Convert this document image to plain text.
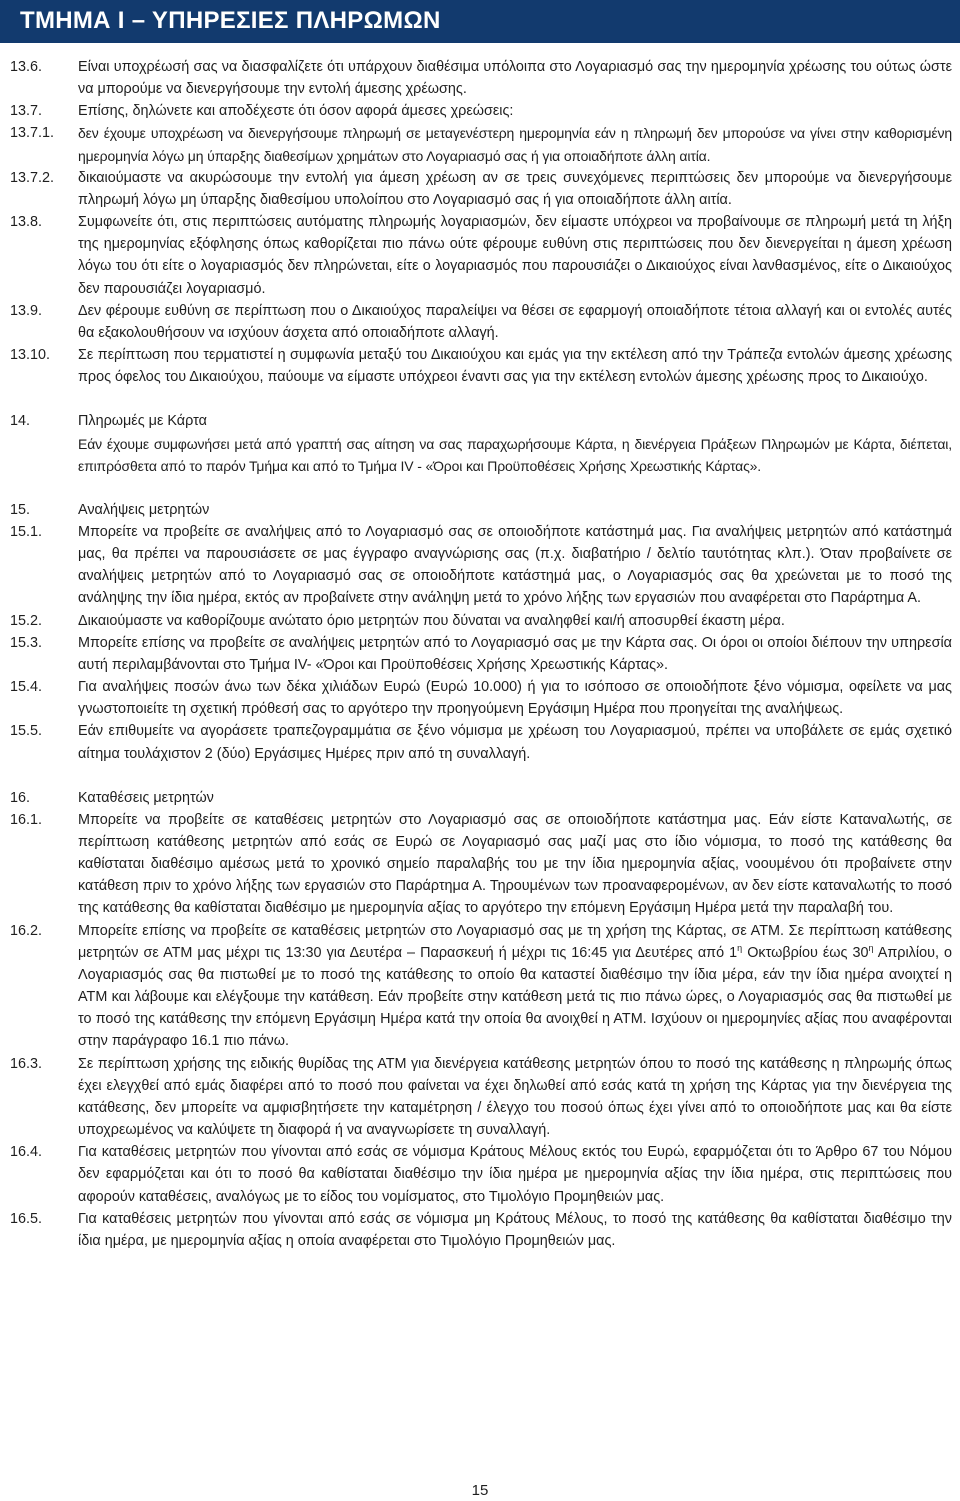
ΤΜΗΜΑ Ι – ΥΠΗΡΕΣΙΕΣ ΠΛΗΡΩΜΩΝ
13.6.	Είναι υποχρέωσή σας να διασφαλίζετε ότι υπάρχουν διαθέσιμα υπόλοιπα στο Λογαριασμό σας την ημερομηνία χρέωσης του ούτως ώστε να μπορούμε να διενεργήσουμε την εντολή άμεσης χρέωσης.
13.7.	Επίσης, δηλώνετε και αποδέχεστε ότι όσον αφορά άμεσες χρεώσεις:
13.7.1.	δεν έχουμε υποχρέωση να διενεργήσουμε πληρωμή σε μεταγενέστερη ημερομηνία εάν η πληρωμή δεν μπορούσε να γίνει στην καθορισμένη ημερομηνία λόγω μη ύπαρξης διαθεσίμων χρημάτων στο Λογαριασμό σας ή για οποιαδήποτε άλλη αιτία.
13.7.2.	δικαιούμαστε να ακυρώσουμε την εντολή για άμεση χρέωση αν σε τρεις συνεχόμενες περιπτώσεις δεν μπορούμε να διενεργήσουμε πληρωμή λόγω μη ύπαρξης διαθεσίμου υπολοίπου στο Λογαριασμό σας ή για οποιαδήποτε άλλη αιτία.
13.8.	Συμφωνείτε ότι, στις περιπτώσεις αυτόματης πληρωμής λογαριασμών, δεν είμαστε υπόχρεοι να προβαίνουμε σε πληρωμή μετά τη λήξη της ημερομηνίας εξόφλησης όπως καθορίζεται πιο πάνω ούτε φέρουμε ευθύνη στις περιπτώσεις που δεν διενεργείται η άμεση χρέωση λόγω του ότι είτε ο λογαριασμός δεν πληρώνεται, είτε ο λογαριασμός που παρουσιάζει ο Δικαιούχος είναι λανθασμένος, είτε ο Δικαιούχος δεν παρουσιάζει λογαριασμό.
13.9.	Δεν φέρουμε ευθύνη σε περίπτωση που ο Δικαιούχος παραλείψει να θέσει σε εφαρμογή οποιαδήποτε τέτοια αλλαγή και οι εντολές αυτές θα εξακολουθήσουν να ισχύουν άσχετα από οποιαδήποτε αλλαγή.
13.10.	Σε περίπτωση που τερματιστεί η συμφωνία μεταξύ του Δικαιούχου και εμάς για την εκτέλεση από την Τράπεζα εντολών άμεσης χρέωσης προς όφελος του Δικαιούχου, παύουμε να είμαστε υπόχρεοι έναντι σας για την εκτέλεση εντολών άμεσης χρέωσης προς το Δικαιούχο.
14.	Πληρωμές με Κάρτα
Εάν έχουμε συμφωνήσει μετά από γραπτή σας αίτηση να σας παραχωρήσουμε Κάρτα, η διενέργεια Πράξεων Πληρωμών με Κάρτα, διέπεται, επιπρόσθετα από το παρόν Τμήμα και από το Τμήμα IV - «Όροι και Προϋποθέσεις Χρήσης Χρεωστικής Κάρτας».
15.	Αναλήψεις μετρητών
15.1.	Μπορείτε να προβείτε σε αναλήψεις από το Λογαριασμό σας σε οποιοδήποτε κατάστημά μας. Για αναλήψεις μετρητών από κατάστημά μας, θα πρέπει να παρουσιάσετε σε μας έγγραφο αναγνώρισης σας (π.χ. διαβατήριο / δελτίο ταυτότητας κλπ.). Όταν προβαίνετε σε αναλήψεις μετρητών από το Λογαριασμό σας σε οποιοδήποτε κατάστημά μας, ο Λογαριασμός σας θα χρεώνεται με το ποσό της ανάληψης την ίδια ημέρα, εκτός αν προβαίνετε στην ανάληψη μετά το χρόνο λήξης των εργασιών που αναφέρεται στο Παράρτημα Α.
15.2.	Δικαιούμαστε να καθορίζουμε ανώτατο όριο μετρητών που δύναται να αναληφθεί και/ή αποσυρθεί έκαστη μέρα.
15.3.	Μπορείτε επίσης να προβείτε σε αναλήψεις μετρητών από το Λογαριασμό σας με την Κάρτα σας. Οι όροι οι οποίοι διέπουν την υπηρεσία αυτή περιλαμβάνονται στο Τμήμα IV- «Όροι και Προϋποθέσεις Χρήσης Χρεωστικής Κάρτας».
15.4.	Για αναλήψεις ποσών άνω των δέκα χιλιάδων Ευρώ (Ευρώ 10.000) ή για το ισόποσο σε οποιοδήποτε ξένο νόμισμα, οφείλετε να μας γνωστοποιείτε τη σχετική πρόθεσή σας το αργότερο την προηγούμενη Εργάσιμη Ημέρα που προηγείται της αναλήψεως.
15.5.	Εάν επιθυμείτε να αγοράσετε τραπεζογραμμάτια σε ξένο νόμισμα με χρέωση του Λογαριασμού, πρέπει να υποβάλετε σε εμάς σχετικό αίτημα τουλάχιστον 2 (δύο) Εργάσιμες Ημέρες πριν από τη συναλλαγή.
16.	Καταθέσεις μετρητών
16.1.	Μπορείτε να προβείτε σε καταθέσεις μετρητών στο Λογαριασμό σας σε οποιοδήποτε κατάστημα μας. Εάν είστε Καταναλωτής, σε περίπτωση κατάθεσης μετρητών από εσάς σε Ευρώ σε Λογαριασμό σας μαζί μας στο ίδιο νόμισμα, το ποσό της κατάθεσης θα καθίσταται διαθέσιμο αμέσως μετά το χρονικό σημείο παραλαβής του με την ίδια ημερομηνία αξίας, νοουμένου ότι προβαίνετε στην κατάθεση πριν το χρόνο λήξης των εργασιών στο Παράρτημα Α. Τηρουμένων των προαναφερομένων, αν δεν είστε καταναλωτής το ποσό της κατάθεσης θα καθίσταται διαθέσιμο με ημερομηνία αξίας το αργότερο την επόμενη Εργάσιμη Ημέρα μετά την παραλαβή του.
16.2.	Μπορείτε επίσης να προβείτε σε καταθέσεις μετρητών στο Λογαριασμό σας με τη χρήση της Κάρτας, σε ΑΤΜ. Σε περίπτωση κατάθεσης μετρητών σε ΑΤΜ μας μέχρι τις 13:30 για Δευτέρα – Παρασκευή ή μέχρι τις 16:45 για Δευτέρες από $1^\eta$ Οκτωβρίου έως $30^\eta$ Απριλίου, ο Λογαριασμός σας θα πιστωθεί με το ποσό της κατάθεσης το οποίο θα καταστεί διαθέσιμο την ίδια μέρα, εάν την ίδια ημέρα ανοιχτεί η ΑΤΜ και λάβουμε και ελέγξουμε την κατάθεση. Εάν προβείτε στην κατάθεση μετά τις πιο πάνω ώρες, ο Λογαριασμός σας θα πιστωθεί με το ποσό της κατάθεσης την επόμενη Εργάσιμη Ημέρα κατά την οποία θα ανοιχθεί η ΑΤΜ. Ισχύουν οι ημερομηνίες αξίας που αναφέρονται στην παράγραφο 16.1 πιο πάνω.
16.3.	Σε περίπτωση χρήσης της ειδικής θυρίδας της ΑΤΜ για διενέργεια κατάθεσης μετρητών όπου το ποσό της κατάθεσης η πληρωμής όπως έχει ελεγχθεί από εμάς διαφέρει από το ποσό που φαίνεται να έχει δηλωθεί από εσάς κατά τη χρήση της Κάρτας για την διενέργεια της κατάθεσης, δεν μπορείτε να αμφισβητήσετε την καταμέτρηση / έλεγχο του ποσού όπως έχει γίνει από το οποιοδήποτε μας και θα είστε υποχρεωμένος να καλύψετε τη διαφορά ή να αναγνωρίσετε τη συναλλαγή.
16.4.	Για καταθέσεις μετρητών που γίνονται από εσάς σε νόμισμα Κράτους Μέλους εκτός του Ευρώ, εφαρμόζεται ότι το Άρθρο 67 του Νόμου δεν εφαρμόζεται και ότι το ποσό θα καθίσταται διαθέσιμο την ίδια ημέρα με ημερομηνία αξίας την ίδια ημέρα, στις περιπτώσεις που αφορούν καταθέσεις, αναλόγως με το είδος του νομίσματος, στο Τιμολόγιο Προμηθειών μας.
16.5.	Για καταθέσεις μετρητών που γίνονται από εσάς σε νόμισμα μη Κράτους Μέλους, το ποσό της κατάθεσης θα καθίσταται διαθέσιμο την ίδια ημέρα, με ημερομηνία αξίας η οποία αναφέρεται στο Τιμολόγιο Προμηθειών μας.
15
